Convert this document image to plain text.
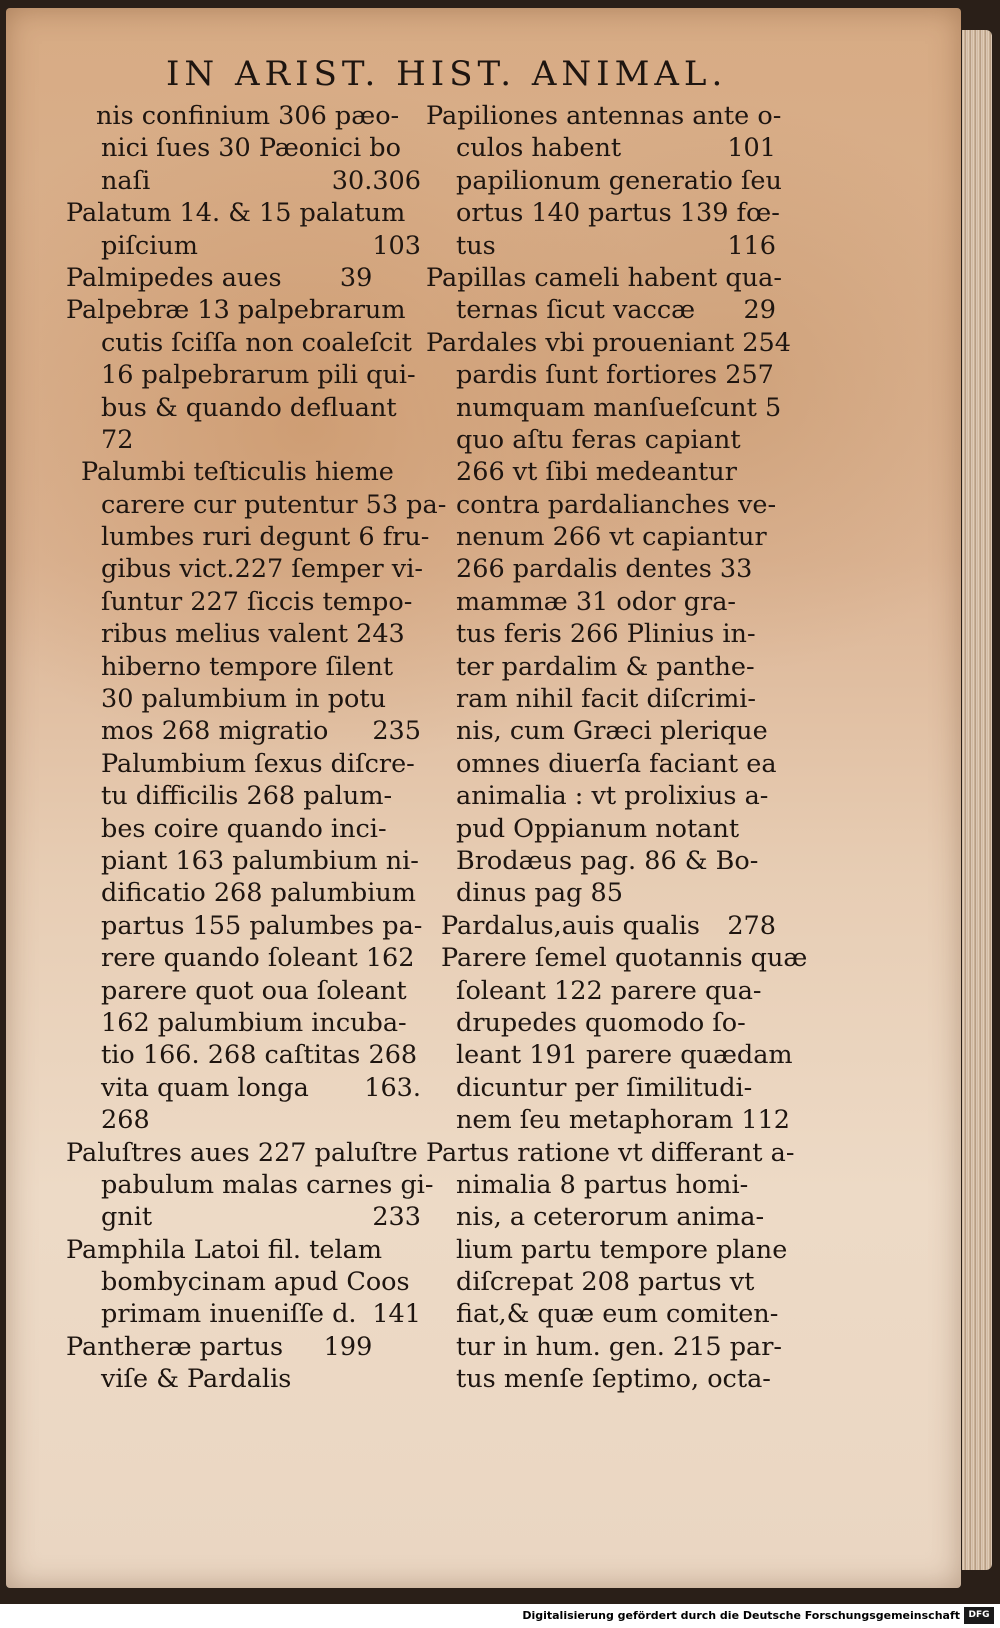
IN ARIST. HIST. ANIMAL.
nis confinium 306 pæo-
nici ſues 30 Pæonici bo
30.306
naſi
Palatum 14. & 15 palatum
103
piſcium
39
Palmipedes aues
Palpebræ 13 palpebrarum
cutis ſciſſa non coaleſcit
16 palpebrarum pili qui-
bus & quando defluant
72
Palumbi teſticulis hieme
carere cur putentur 53 pa-
lumbes ruri degunt 6 fru-
gibus vict.227 ſemper vi-
ſuntur 227 ſiccis tempo-
ribus melius valent 243
hiberno tempore ſilent
30 palumbium in potu
235
mos 268 migratio
Palumbium ſexus diſcre-
tu difficilis 268 palum-
bes coire quando inci-
piant 163 palumbium ni-
dificatio 268 palumbium
partus 155 palumbes pa-
rere quando ſoleant 162
parere quot oua ſoleant
162 palumbium incuba-
tio 166. 268 caſtitas 268
163.
vita quam longa
268
Paluſtres aues 227 paluſtre
pabulum malas carnes gi-
233
gnit
Pamphila Latoi fil. telam
bombycinam apud Coos
141
primam inueniſſe d.
199
Pantheræ partus
viſe & Pardalis
Papiliones antennas ante o-
101
culos habent
papilionum generatio ſeu
ortus 140 partus 139 fœ-
116
tus
Papillas cameli habent qua-
29
ternas ſicut vaccæ
Pardales vbi proueniant 254
pardis ſunt fortiores 257
numquam manſueſcunt 5
quo aſtu feras capiant
266 vt ſibi medeantur
contra pardalianches ve-
nenum 266 vt capiantur
266 pardalis dentes 33
mammæ 31 odor gra-
tus feris 266 Plinius in-
ter pardalim & panthe-
ram nihil facit diſcrimi-
nis, cum Græci plerique
omnes diuerſa faciant ea
animalia : vt prolixius a-
pud Oppianum notant
Brodæus pag. 86 & Bo-
dinus pag 85
278
Pardalus,auis qualis
Parere ſemel quotannis quæ
ſoleant 122 parere qua-
drupedes quomodo ſo-
leant 191 parere quædam
dicuntur per ſimilitudi-
nem ſeu metaphoram 112
Partus ratione vt differant a-
nimalia 8 partus homi-
nis, a ceterorum anima-
lium partu tempore plane
diſcrepat 208 partus vt
fiat,& quæ eum comiten-
tur in hum. gen. 215 par-
tus menſe ſeptimo, octa-
Digitalisierung gefördert durch die Deutsche Forschungsgemeinschaft DFG
